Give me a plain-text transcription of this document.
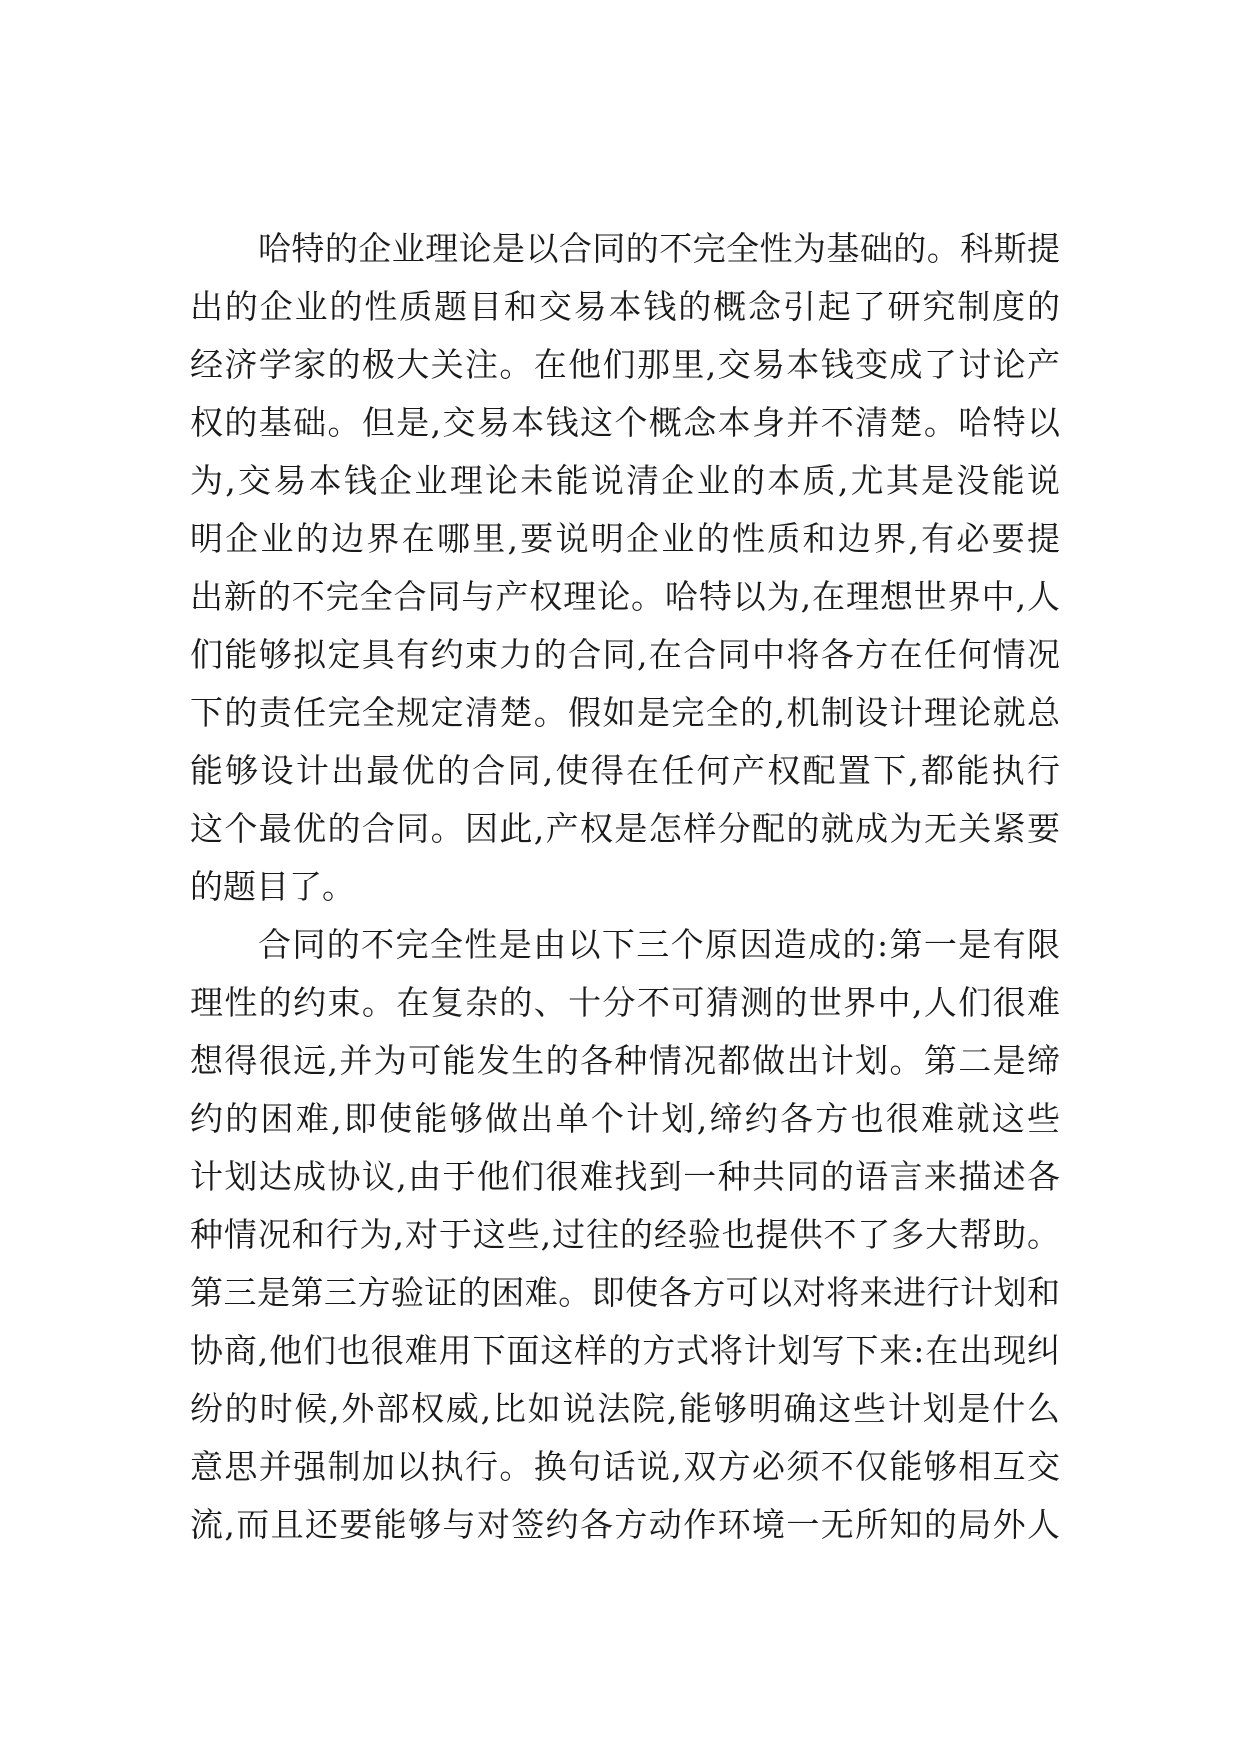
哈特的企业理论是以合同的不完全性为基础的。科斯提
出的企业的性质题目和交易本钱的概念引起了研究制度的
经济学家的极大关注。在他们那里,交易本钱变成了讨论产
权的基础。但是,交易本钱这个概念本身并不清楚。哈特以
为,交易本钱企业理论未能说清企业的本质,尤其是没能说
明企业的边界在哪里,要说明企业的性质和边界,有必要提
出新的不完全合同与产权理论。哈特以为,在理想世界中,人
们能够拟定具有约束力的合同,在合同中将各方在任何情况
下的责任完全规定清楚。假如是完全的,机制设计理论就总
能够设计出最优的合同,使得在任何产权配置下,都能执行
这个最优的合同。因此,产权是怎样分配的就成为无关紧要
的题目了。
合同的不完全性是由以下三个原因造成的:第一是有限
理性的约束。在复杂的、十分不可猜测的世界中,人们很难
想得很远,并为可能发生的各种情况都做出计划。第二是缔
约的困难,即使能够做出单个计划,缔约各方也很难就这些
计划达成协议,由于他们很难找到一种共同的语言来描述各
种情况和行为,对于这些,过往的经验也提供不了多大帮助。
第三是第三方验证的困难。即使各方可以对将来进行计划和
协商,他们也很难用下面这样的方式将计划写下来:在出现纠
纷的时候,外部权威,比如说法院,能够明确这些计划是什么
意思并强制加以执行。换句话说,双方必须不仅能够相互交
流,而且还要能够与对签约各方动作环境一无所知的局外人
